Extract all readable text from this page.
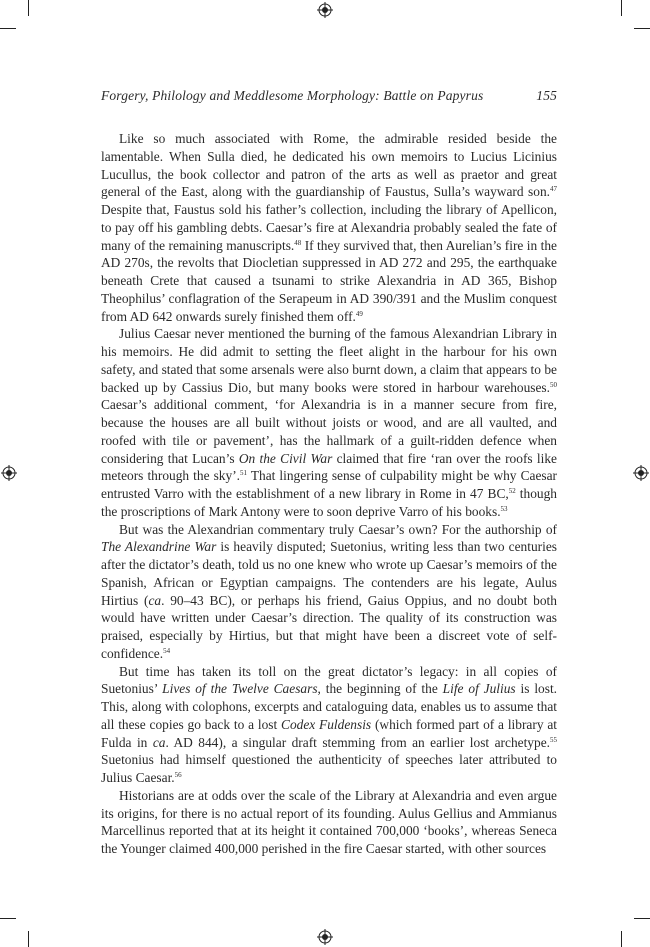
Forgery, Philology and Meddlesome Morphology: Battle on Papyrus	155

Like so much associated with Rome, the admirable resided beside the lamentable. When Sulla died, he dedicated his own memoirs to Lucius Licinius Lucullus, the book collector and patron of the arts as well as praetor and great general of the East, along with the guardianship of Faustus, Sulla’s wayward son.$^{47}$ Despite that, Faustus sold his father’s collection, including the library of Apellicon, to pay off his gambling debts. Caesar’s fire at Alexandria probably sealed the fate of many of the remaining manuscripts.$^{48}$ If they survived that, then Aurelian’s fire in the AD 270s, the revolts that Diocletian suppressed in AD 272 and 295, the earthquake beneath Crete that caused a tsunami to strike Alexandria in AD 365, Bishop Theophilus’ conflagration of the Serapeum in AD 390/391 and the Muslim conquest from AD 642 onwards surely finished them off.$^{49}$

Julius Caesar never mentioned the burning of the famous Alexandrian Library in his memoirs. He did admit to setting the fleet alight in the harbour for his own safety, and stated that some arsenals were also burnt down, a claim that appears to be backed up by Cassius Dio, but many books were stored in harbour warehouses.$^{50}$ Caesar’s additional comment, ‘for Alexandria is in a manner secure from fire, because the houses are all built without joists or wood, and are all vaulted, and roofed with tile or pavement’, has the hallmark of a guilt-ridden defence when considering that Lucan’s On the Civil War claimed that fire ‘ran over the roofs like meteors through the sky’.$^{51}$ That lingering sense of culpability might be why Caesar entrusted Varro with the establishment of a new library in Rome in 47 BC,$^{52}$ though the proscriptions of Mark Antony were to soon deprive Varro of his books.$^{53}$

But was the Alexandrian commentary truly Caesar’s own? For the authorship of The Alexandrine War is heavily disputed; Suetonius, writing less than two centuries after the dictator’s death, told us no one knew who wrote up Caesar’s memoirs of the Spanish, African or Egyptian campaigns. The contenders are his legate, Aulus Hirtius (ca. 90–43 BC), or perhaps his friend, Gaius Oppius, and no doubt both would have written under Caesar’s direction. The quality of its construction was praised, especially by Hirtius, but that might have been a discreet vote of self-confidence.$^{54}$

But time has taken its toll on the great dictator’s legacy: in all copies of Suetonius’ Lives of the Twelve Caesars, the beginning of the Life of Julius is lost. This, along with colophons, excerpts and cataloguing data, enables us to assume that all these copies go back to a lost Codex Fuldensis (which formed part of a library at Fulda in ca. AD 844), a singular draft stemming from an earlier lost archetype.$^{55}$ Suetonius had himself questioned the authenticity of speeches later attributed to Julius Caesar.$^{56}$

Historians are at odds over the scale of the Library at Alexandria and even argue its origins, for there is no actual report of its founding. Aulus Gellius and Ammianus Marcellinus reported that at its height it contained 700,000 ‘books’, whereas Seneca the Younger claimed 400,000 perished in the fire Caesar started, with other sources
